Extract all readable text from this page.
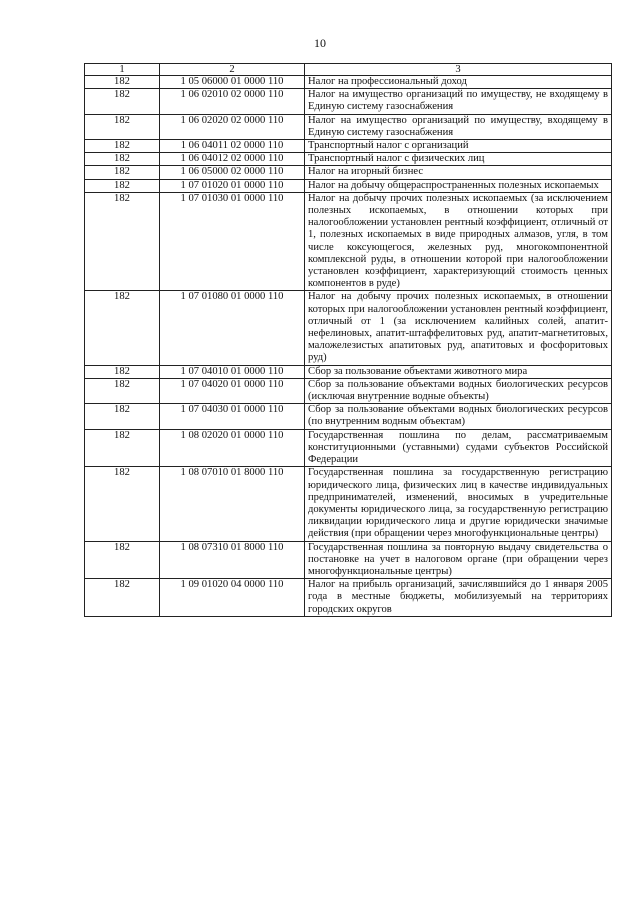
10
1	2	3
182	1 05 06000 01 0000 110	Налог на профессиональный доход
182	1 06 02010 02 0000 110	Налог на имущество организаций по имуществу, не входящему в Единую систему газоснабжения
182	1 06 02020 02 0000 110	Налог на имущество организаций по имуществу, входящему в Единую систему газоснабжения
182	1 06 04011 02 0000 110	Транспортный налог с организаций
182	1 06 04012 02 0000 110	Транспортный налог с физических лиц
182	1 06 05000 02 0000 110	Налог на игорный бизнес
182	1 07 01020 01 0000 110	Налог на добычу общераспространенных полезных ископаемых
182	1 07 01030 01 0000 110	Налог на добычу прочих полезных ископаемых (за исключением полезных ископаемых, в отношении которых при налогообложении установлен рентный коэффициент, отличный от 1, полезных ископаемых в виде природных алмазов, угля, в том числе коксующегося, железных руд, многокомпонентной комплексной руды, в отношении которой при налогообложении установлен коэффициент, характеризующий стоимость ценных компонентов в руде)
182	1 07 01080 01 0000 110	Налог на добычу прочих полезных ископаемых, в отношении которых при налогообложении установлен рентный коэффициент, отличный от 1 (за исключением калийных солей, апатит-нефелиновых, апатит-штаффелитовых руд, апатит-магнетитовых, маложелезистых апатитовых руд, апатитовых и фосфоритовых руд)
182	1 07 04010 01 0000 110	Сбор за пользование объектами животного мира
182	1 07 04020 01 0000 110	Сбор за пользование объектами водных биологических ресурсов (исключая внутренние водные объекты)
182	1 07 04030 01 0000 110	Сбор за пользование объектами водных биологических ресурсов (по внутренним водным объектам)
182	1 08 02020 01 0000 110	Государственная пошлина по делам, рассматриваемым конституционными (уставными) судами субъектов Российской Федерации
182	1 08 07010 01 8000 110	Государственная пошлина за государственную регистрацию юридического лица, физических лиц в качестве индивидуальных предпринимателей, изменений, вносимых в учредительные документы юридического лица, за государственную регистрацию ликвидации юридического лица и другие юридически значимые действия (при обращении через многофункциональные центры)
182	1 08 07310 01 8000 110	Государственная пошлина за повторную выдачу свидетельства о постановке на учет в налоговом органе (при обращении через многофункциональные центры)
182	1 09 01020 04 0000 110	Налог на прибыль организаций, зачислявшийся до 1 января 2005 года в местные бюджеты, мобилизуемый на территориях городских округов
